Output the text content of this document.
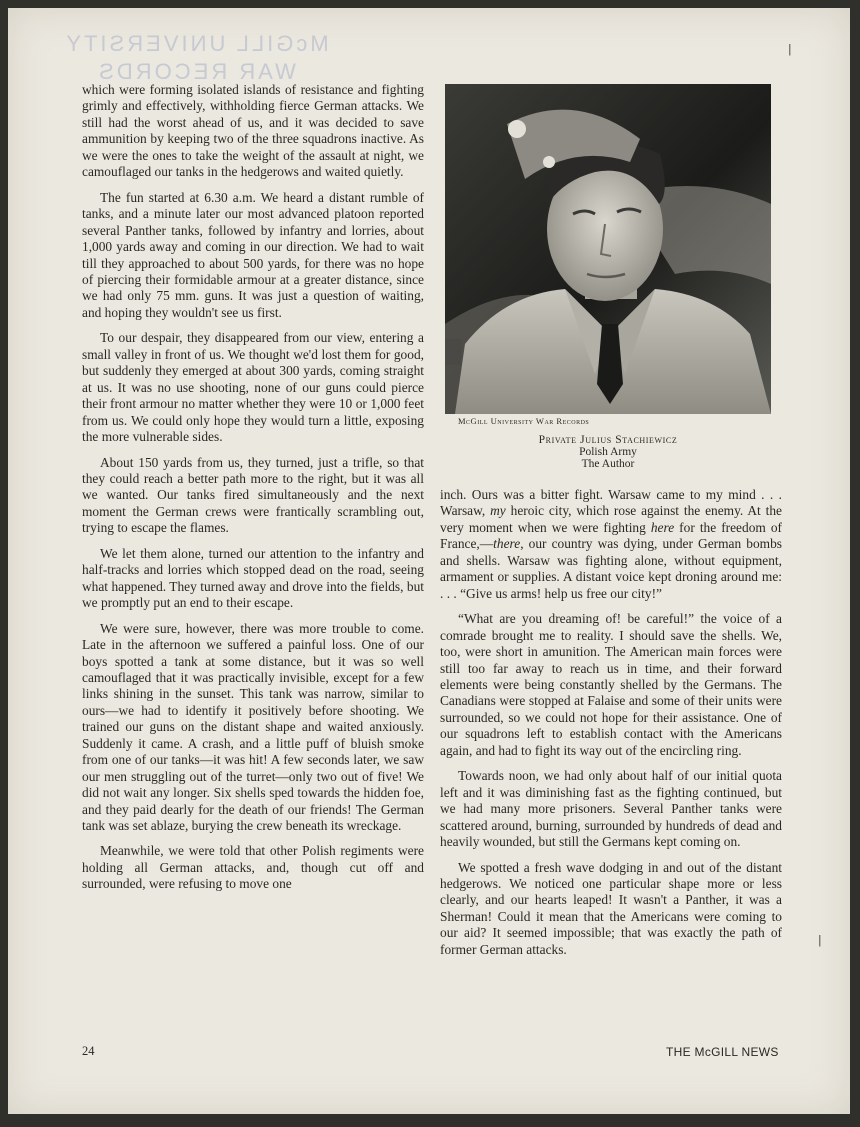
McGILL UNIVERSITY
WAR RECORDS

which were forming isolated islands of resistance and fighting grimly and effectively, withholding fierce German attacks. We still had the worst ahead of us, and it was decided to save ammunition by keeping two of the three squadrons inactive. As we were the ones to take the weight of the assault at night, we camouflaged our tanks in the hedgerows and waited quietly.

The fun started at 6.30 a.m. We heard a distant rumble of tanks, and a minute later our most advanced platoon reported several Panther tanks, followed by infantry and lorries, about 1,000 yards away and coming in our direction. We had to wait till they approached to about 500 yards, for there was no hope of piercing their formidable armour at a greater distance, since we had only 75 mm. guns. It was just a question of waiting, and hoping they wouldn't see us first.

To our despair, they disappeared from our view, entering a small valley in front of us. We thought we'd lost them for good, but suddenly they emerged at about 300 yards, coming straight at us. It was no use shooting, none of our guns could pierce their front armour no matter whether they were 10 or 1,000 feet from us. We could only hope they would turn a little, exposing the more vulnerable sides.

About 150 yards from us, they turned, just a trifle, so that they could reach a better path more to the right, but it was all we wanted. Our tanks fired simultaneously and the next moment the German crews were frantically scrambling out, trying to escape the flames.

We let them alone, turned our attention to the infantry and half-tracks and lorries which stopped dead on the road, seeing what happened. They turned away and drove into the fields, but we promptly put an end to their escape.

We were sure, however, there was more trouble to come. Late in the afternoon we suffered a painful loss. One of our boys spotted a tank at some distance, but it was so well camouflaged that it was practically invisible, except for a few links shining in the sunset. This tank was narrow, similar to ours—we had to identify it positively before shooting. We trained our guns on the distant shape and waited anxiously. Suddenly it came. A crash, and a little puff of bluish smoke from one of our tanks—it was hit! A few seconds later, we saw our men struggling out of the turret—only two out of five! We did not wait any longer. Six shells sped towards the hidden foe, and they paid dearly for the death of our friends! The German tank was set ablaze, burying the crew beneath its wreckage.

Meanwhile, we were told that other Polish regiments were holding all German attacks, and, though cut off and surrounded, were refusing to move one

McGill University War Records
Private Julius Stachiewicz
Polish Army
The Author

inch. Ours was a bitter fight. Warsaw came to my mind . . . Warsaw, my heroic city, which rose against the enemy. At the very moment when we were fighting here for the freedom of France,—there, our country was dying, under German bombs and shells. Warsaw was fighting alone, without equipment, armament or supplies. A distant voice kept droning around me: . . . “Give us arms! help us free our city!”

“What are you dreaming of! be careful!” the voice of a comrade brought me to reality. I should save the shells. We, too, were short in amunition. The American main forces were still too far away to reach us in time, and their forward elements were being constantly shelled by the Germans. The Canadians were stopped at Falaise and some of their units were surrounded, so we could not hope for their assistance. One of our squadrons left to establish contact with the Americans again, and had to fight its way out of the encircling ring.

Towards noon, we had only about half of our initial quota left and it was diminishing fast as the fighting continued, but we had many more prisoners. Several Panther tanks were scattered around, burning, surrounded by hundreds of dead and heavily wounded, but still the Germans kept coming on.

We spotted a fresh wave dodging in and out of the distant hedgerows. We noticed one particular shape more or less clearly, and our hearts leaped! It wasn't a Panther, it was a Sherman! Could it mean that the Americans were coming to our aid? It seemed impossible; that was exactly the path of former German attacks.

24	THE McGILL NEWS
ǀ
ǀ
